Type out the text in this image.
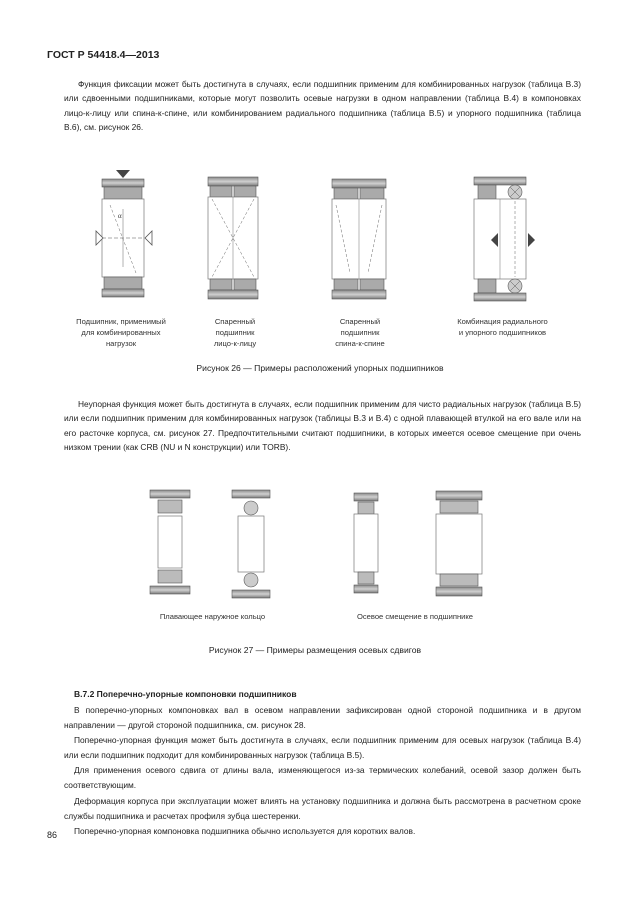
ГОСТ Р 54418.4—2013

Функция фиксации может быть достигнута в случаях, если подшипник применим для комбинированных нагрузок (таблица В.3) или сдвоенными подшипниками, которые могут позволить осевые нагрузки в одном направлении (таблица В.4) в компоновках лицо-к-лицу или спина-к-спине, или комбинированием радиального подшипника (таблица В.5) и упорного подшипника (таблица В.6), см. рисунок 26.

α
Подшипник, применимый
для комбинированных
нагрузок
Спаренный
подшипник
лицо-к-лицу
Спаренный
подшипник
спина-к-спине
Комбинация радиального
и упорного подшипников
Рисунок 26 — Примеры расположений упорных подшипников

Неупорная функция может быть достигнута в случаях, если подшипник применим для чисто радиальных нагрузок (таблица В.5) или если подшипник применим для комбинированных нагрузок (таблицы В.3 и В.4) с одной плавающей втулкой на его вале или на его расточке корпуса, см. рисунок 27. Предпочтительными считают подшипники, в которых имеется осевое смещение при очень низком трении (как CRB (NU и N конструкции) или TORB).

Плавающее наружное кольцо	Осевое смещение в подшипнике
Рисунок 27 — Примеры размещения осевых сдвигов
В.7.2 Поперечно-упорные компоновки подшипников

В поперечно-упорных компоновках вал в осевом направлении зафиксирован одной стороной подшипника и в другом направлении — другой стороной подшипника, см. рисунок 28.

Поперечно-упорная функция может быть достигнута в случаях, если подшипник применим для осевых нагрузок (таблица В.4) или если подшипник подходит для комбинированных нагрузок (таблица В.5).

Для применения осевого сдвига от длины вала, изменяющегося из-за термических колебаний, осевой зазор должен быть соответствующим.

Деформация корпуса при эксплуатации может влиять на установку подшипника и должна быть рассмотрена в расчетном сроке службы подшипника и расчетах профиля зубца шестеренки.

Поперечно-упорная компоновка подшипника обычно используется для коротких валов.

86
